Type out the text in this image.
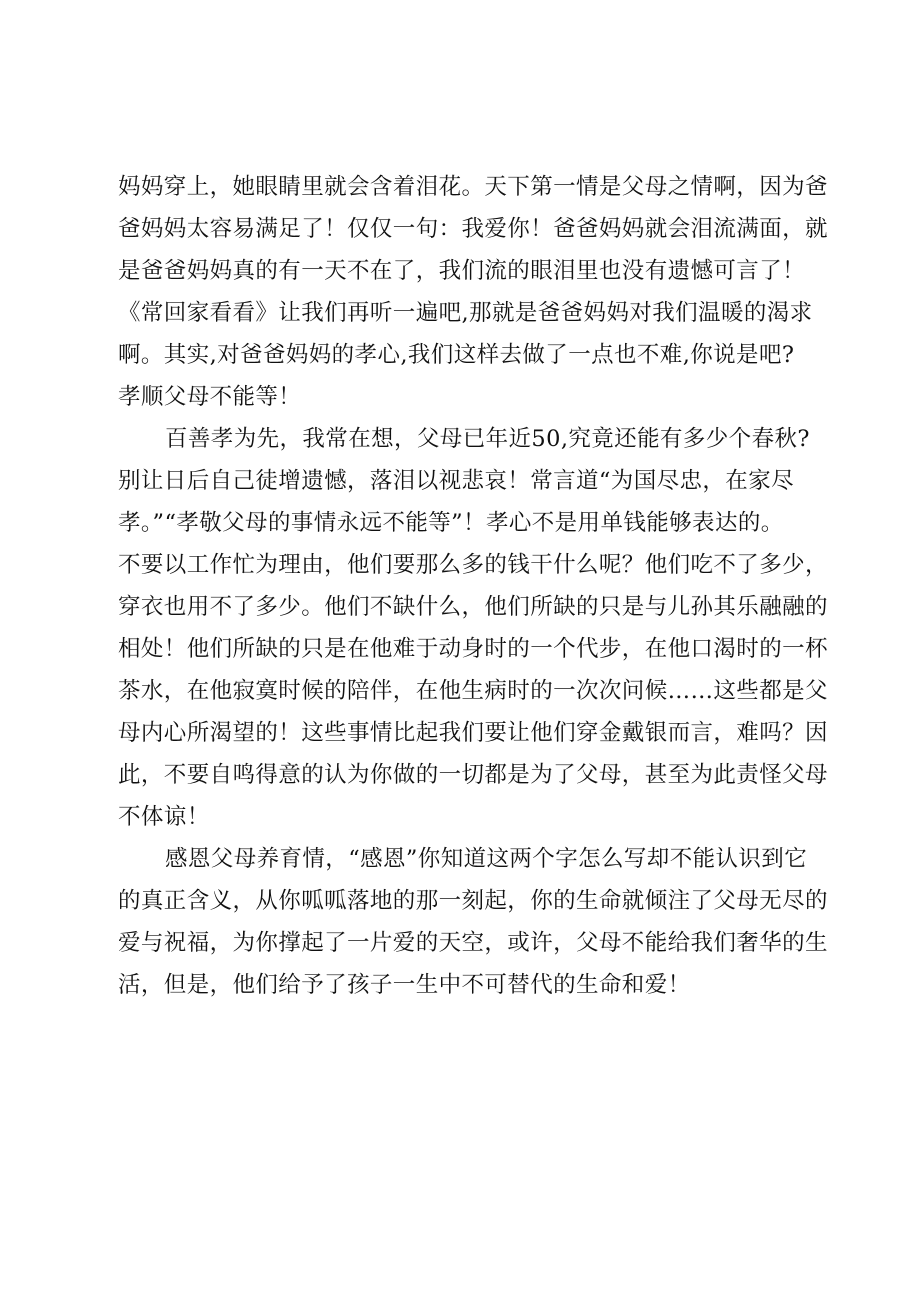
妈妈穿上，她眼睛里就会含着泪花。天下第一情是父母之情啊，因为爸
爸妈妈太容易满足了！仅仅一句：我爱你！爸爸妈妈就会泪流满面，就
是爸爸妈妈真的有一天不在了，我们流的眼泪里也没有遗憾可言了！
《常回家看看》让我们再听一遍吧,那就是爸爸妈妈对我们温暖的渴求
啊。其实,对爸爸妈妈的孝心,我们这样去做了一点也不难,你说是吧?
孝顺父母不能等！
百善孝为先，我常在想，父母已年近50,究竟还能有多少个春秋?
别让日后自己徒增遗憾，落泪以视悲哀！常言道“为国尽忠，在家尽
孝。”“孝敬父母的事情永远不能等”！孝心不是用单钱能够表达的。
不要以工作忙为理由，他们要那么多的钱干什么呢？他们吃不了多少，
穿衣也用不了多少。他们不缺什么，他们所缺的只是与儿孙其乐融融的
相处！他们所缺的只是在他难于动身时的一个代步，在他口渴时的一杯
茶水，在他寂寞时候的陪伴，在他生病时的一次次问候……这些都是父
母内心所渴望的！这些事情比起我们要让他们穿金戴银而言，难吗？因
此，不要自鸣得意的认为你做的一切都是为了父母，甚至为此责怪父母
不体谅！
感恩父母养育情，“感恩”你知道这两个字怎么写却不能认识到它
的真正含义，从你呱呱落地的那一刻起，你的生命就倾注了父母无尽的
爱与祝福，为你撑起了一片爱的天空，或许，父母不能给我们奢华的生
活，但是，他们给予了孩子一生中不可替代的生命和爱！
